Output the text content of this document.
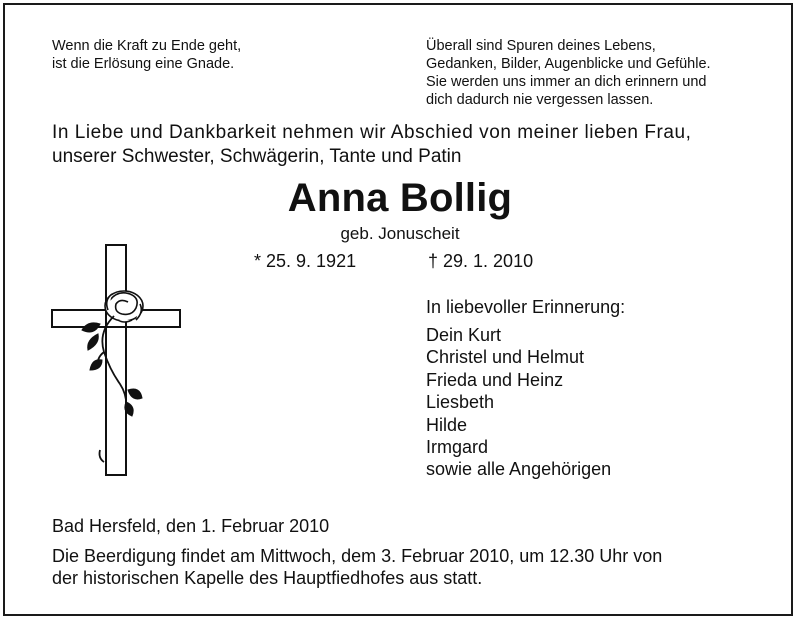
Wenn die Kraft zu Ende geht,
ist die Erlösung eine Gnade.
Überall sind Spuren deines Lebens,
Gedanken, Bilder, Augenblicke und Gefühle.
Sie werden uns immer an dich erinnern und
dich dadurch nie vergessen lassen.
In Liebe und Dankbarkeit nehmen wir Abschied von meiner lieben Frau,
unserer Schwester, Schwägerin, Tante und Patin
Anna Bollig
geb. Jonuscheit
* 25. 9. 1921	† 29. 1. 2010
In liebevoller Erinnerung:
Dein Kurt
Christel und Helmut
Frieda und Heinz
Liesbeth
Hilde
Irmgard
sowie alle Angehörigen
Bad Hersfeld, den 1. Februar 2010
Die Beerdigung findet am Mittwoch, dem 3. Februar 2010, um 12.30 Uhr von
der historischen Kapelle des Hauptfiedhofes aus statt.
